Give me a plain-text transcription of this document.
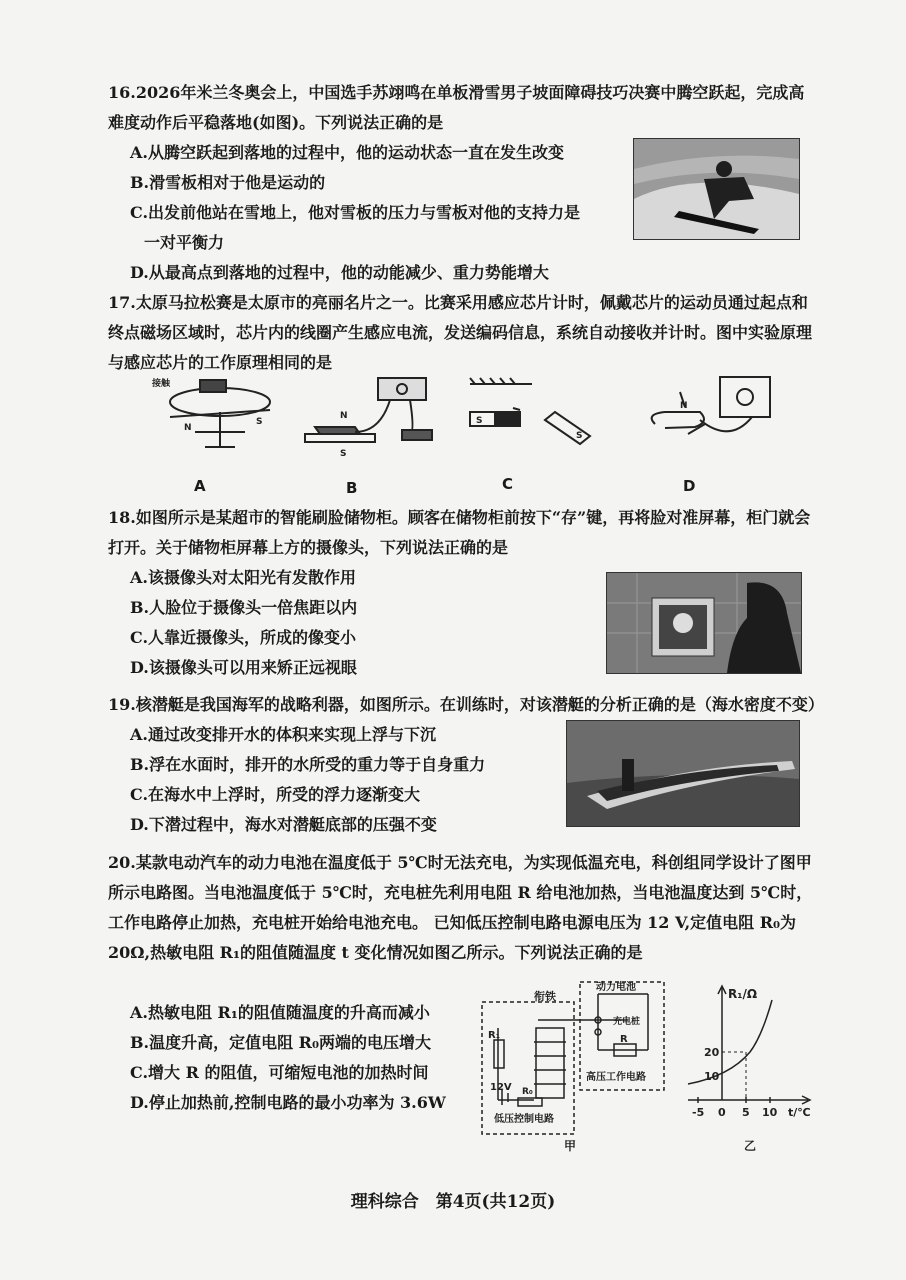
16.2026年米兰冬奥会上，中国选手苏翊鸣在单板滑雪男子坡面障碍技巧决赛中腾空跃起，完成高难度动作后平稳落地(如图)。下列说法正确的是

A.从腾空跃起到落地的过程中，他的运动状态一直在发生改变

B.滑雪板相对于他是运动的

C.出发前他站在雪地上，他对雪板的压力与雪板对他的支持力是

一对平衡力

D.从最高点到落地的过程中，他的动能减少、重力势能增大

17.太原马拉松赛是太原市的亮丽名片之一。比赛采用感应芯片计时，佩戴芯片的运动员通过起点和终点磁场区域时，芯片内的线圈产生感应电流，发送编码信息，系统自动接收并计时。图中实验原理与感应芯片的工作原理相同的是

接触
N
S
N
S
S
S
N
A	B	C	D

18.如图所示是某超市的智能刷脸储物柜。顾客在储物柜前按下“存”键，再将脸对准屏幕，柜门就会打开。关于储物柜屏幕上方的摄像头，下列说法正确的是

A.该摄像头对太阳光有发散作用

B.人脸位于摄像头一倍焦距以内

C.人靠近摄像头，所成的像变小

D.该摄像头可以用来矫正远视眼

19.核潜艇是我国海军的战略利器，如图所示。在训练时，对该潜艇的分析正确的是（海水密度不变）

A.通过改变排开水的体积来实现上浮与下沉

B.浮在水面时，排开的水所受的重力等于自身重力

C.在海水中上浮时，所受的浮力逐渐变大

D.下潜过程中，海水对潜艇底部的压强不变

20.某款电动汽车的动力电池在温度低于 5℃时无法充电，为实现低温充电，科创组同学设计了图甲所示电路图。当电池温度低于 5℃时，充电桩先利用电阻 R 给电池加热，当电池温度达到 5℃时，工作电路停止加热，充电桩开始给电池充电。 已知低压控制电路电源电压为 12 V,定值电阻 R₀为 20Ω,热敏电阻 R₁的阻值随温度 t 变化情况如图乙所示。下列说法正确的是

A.热敏电阻 R₁的阻值随温度的升高而减小

B.温度升高，定值电阻 R₀两端的电压增大

C.增大 R 的阻值，可缩短电池的加热时间

D.停止加热前,控制电路的最小功率为 3.6W

衔铁
动力电池
充电桩
R
高压工作电路
R₁
R₀
12V
低压控制电路
甲
R₁/Ω
t/℃
-5 0 5 10
10
20
乙
理科综合　第4页(共12页)
